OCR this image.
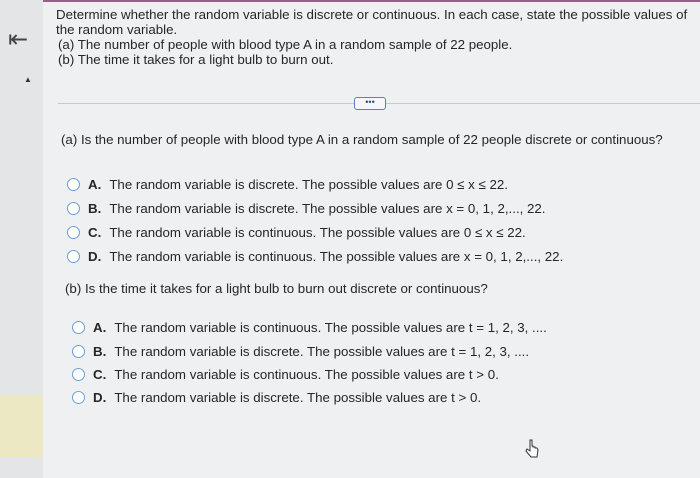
⇤
▲
Determine whether the random variable is discrete or continuous. In each case, state the possible values of the random variable.
(a) The number of people with blood type A in a random sample of 22 people.
(b) The time it takes for a light bulb to burn out.
•••
(a) Is the number of people with blood type A in a random sample of 22 people discrete or continuous?
A. The random variable is discrete. The possible values are 0 ≤ x ≤ 22.
B. The random variable is discrete. The possible values are x = 0, 1, 2,..., 22.
C. The random variable is continuous. The possible values are 0 ≤ x ≤ 22.
D. The random variable is continuous. The possible values are x = 0, 1, 2,..., 22.
(b) Is the time it takes for a light bulb to burn out discrete or continuous?
A. The random variable is continuous. The possible values are t = 1, 2, 3, ....
B. The random variable is discrete. The possible values are t = 1, 2, 3, ....
C. The random variable is continuous. The possible values are t > 0.
D. The random variable is discrete. The possible values are t > 0.
